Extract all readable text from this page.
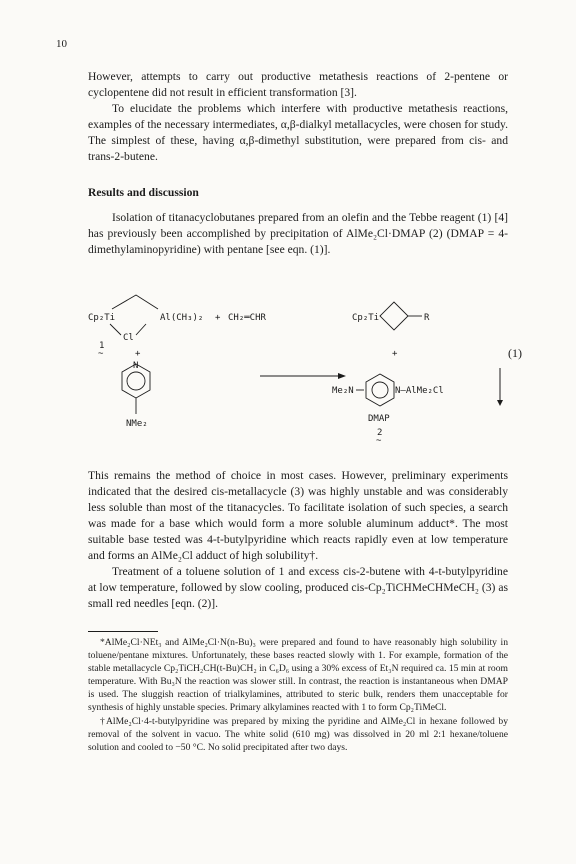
10

However, attempts to carry out productive metathesis reactions of 2-pentene or cyclopentene did not result in efficient transformation [3].

To elucidate the problems which interfere with productive metathesis reactions, examples of the necessary intermediates, α,β-dialkyl metallacycles, were chosen for study. The simplest of these, having α,β-dimethyl substitution, were prepared from cis- and trans-2-butene.

Results and discussion

Isolation of titanacyclobutanes prepared from an olefin and the Tebbe reagent (1) [4] has previously been accomplished by precipitation of AlMe₂Cl·DMAP (2) (DMAP = 4-dimethylaminopyridine) with pentane [see eqn. (1)].

Cp₂Ti	Al(CH₃)₂
Cl
+ CH₂═CHR
1
~	+
N
NMe₂
Cp₂Ti	R
+
Me₂N	N—AlMe₂Cl
DMAP
2
~
(1)

This remains the method of choice in most cases. However, preliminary experiments indicated that the desired cis-metallacycle (3) was highly unstable and was considerably less soluble than most of the titanacycles. To facilitate isolation of such species, a search was made for a base which would form a more soluble aluminum adduct*. The most suitable base tested was 4-t-butylpyridine which reacts rapidly even at low temperature and forms an AlMe₂Cl adduct of high solubility†.

Treatment of a toluene solution of 1 and excess cis-2-butene with 4-t-butylpyridine at low temperature, followed by slow cooling, produced cis-Cp₂TiCHMeCHMeCH₂ (3) as small red needles [eqn. (2)].

*AlMe₂Cl·NEt₃ and AlMe₂Cl·N(n-Bu)₃ were prepared and found to have reasonably high solubility in toluene/pentane mixtures. Unfortunately, these bases reacted slowly with 1. For example, formation of the stable metallacycle Cp₂TiCH₂CH(t-Bu)CH₂ in C₆D₆ using a 30% excess of Et₃N required ca. 15 min at room temperature. With Bu₃N the reaction was slower still. In contrast, the reaction is instantaneous when DMAP is used. The sluggish reaction of trialkylamines, attributed to steric bulk, renders them unacceptable for synthesis of highly unstable species. Primary alkylamines reacted with 1 to form Cp₂TiMeCl.

†AlMe₂Cl·4-t-butylpyridine was prepared by mixing the pyridine and AlMe₂Cl in hexane followed by removal of the solvent in vacuo. The white solid (610 mg) was dissolved in 20 ml 2:1 hexane/toluene solution and cooled to −50 °C. No solid precipitated after two days.
